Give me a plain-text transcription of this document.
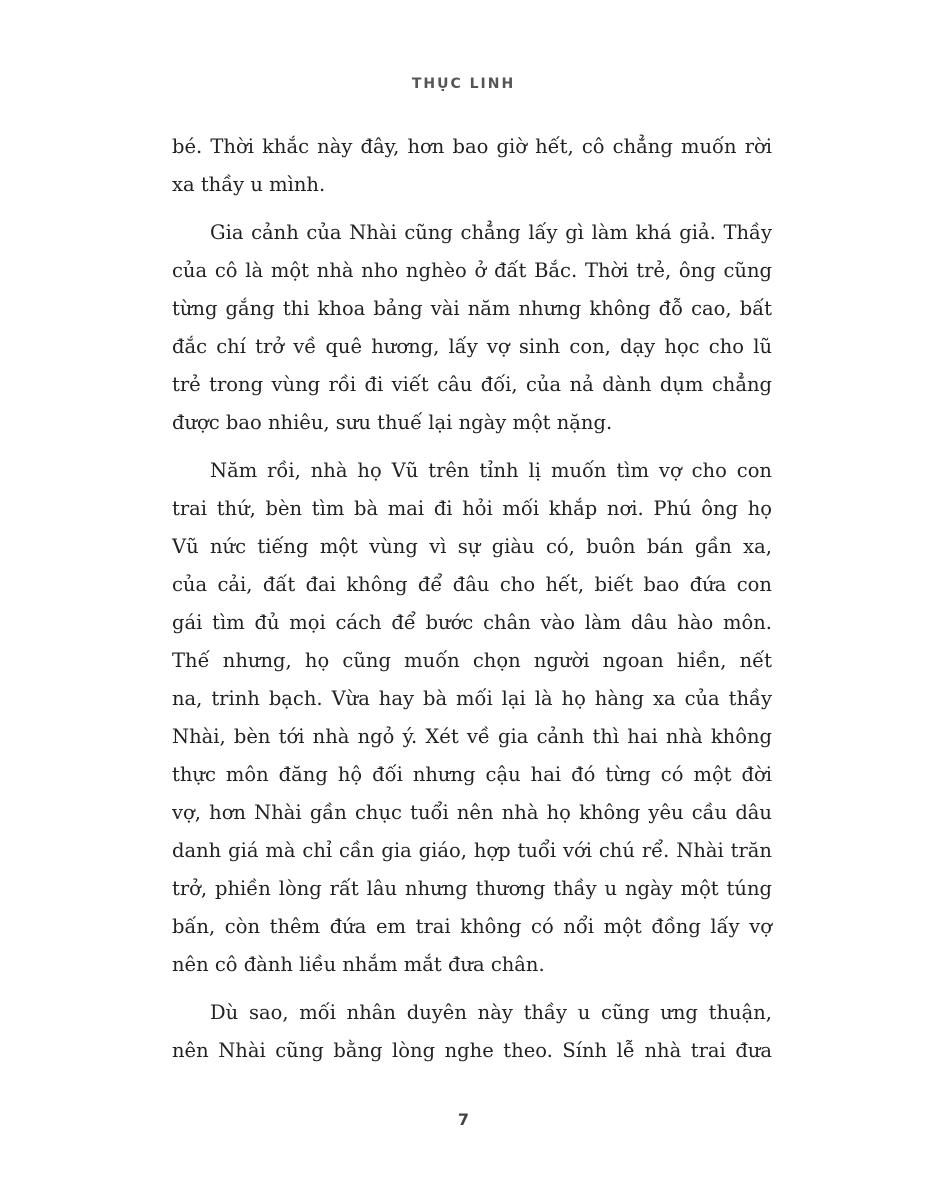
THỤC LINH
bé. Thời khắc này đây, hơn bao giờ hết, cô chẳng muốn rời
xa thầy u mình.
Gia cảnh của Nhài cũng chẳng lấy gì làm khá giả. Thầy
của cô là một nhà nho nghèo ở đất Bắc. Thời trẻ, ông cũng
từng gắng thi khoa bảng vài năm nhưng không đỗ cao, bất
đắc chí trở về quê hương, lấy vợ sinh con, dạy học cho lũ
trẻ trong vùng rồi đi viết câu đối, của nả dành dụm chẳng
được bao nhiêu, sưu thuế lại ngày một nặng.
Năm rồi, nhà họ Vũ trên tỉnh lị muốn tìm vợ cho con
trai thứ, bèn tìm bà mai đi hỏi mối khắp nơi. Phú ông họ
Vũ nức tiếng một vùng vì sự giàu có, buôn bán gần xa,
của cải, đất đai không để đâu cho hết, biết bao đứa con
gái tìm đủ mọi cách để bước chân vào làm dâu hào môn.
Thế nhưng, họ cũng muốn chọn người ngoan hiền, nết
na, trinh bạch. Vừa hay bà mối lại là họ hàng xa của thầy
Nhài, bèn tới nhà ngỏ ý. Xét về gia cảnh thì hai nhà không
thực môn đăng hộ đối nhưng cậu hai đó từng có một đời
vợ, hơn Nhài gần chục tuổi nên nhà họ không yêu cầu dâu
danh giá mà chỉ cần gia giáo, hợp tuổi với chú rể. Nhài trăn
trở, phiền lòng rất lâu nhưng thương thầy u ngày một túng
bấn, còn thêm đứa em trai không có nổi một đồng lấy vợ
nên cô đành liều nhắm mắt đưa chân.
Dù sao, mối nhân duyên này thầy u cũng ưng thuận,
nên Nhài cũng bằng lòng nghe theo. Sính lễ nhà trai đưa
7
